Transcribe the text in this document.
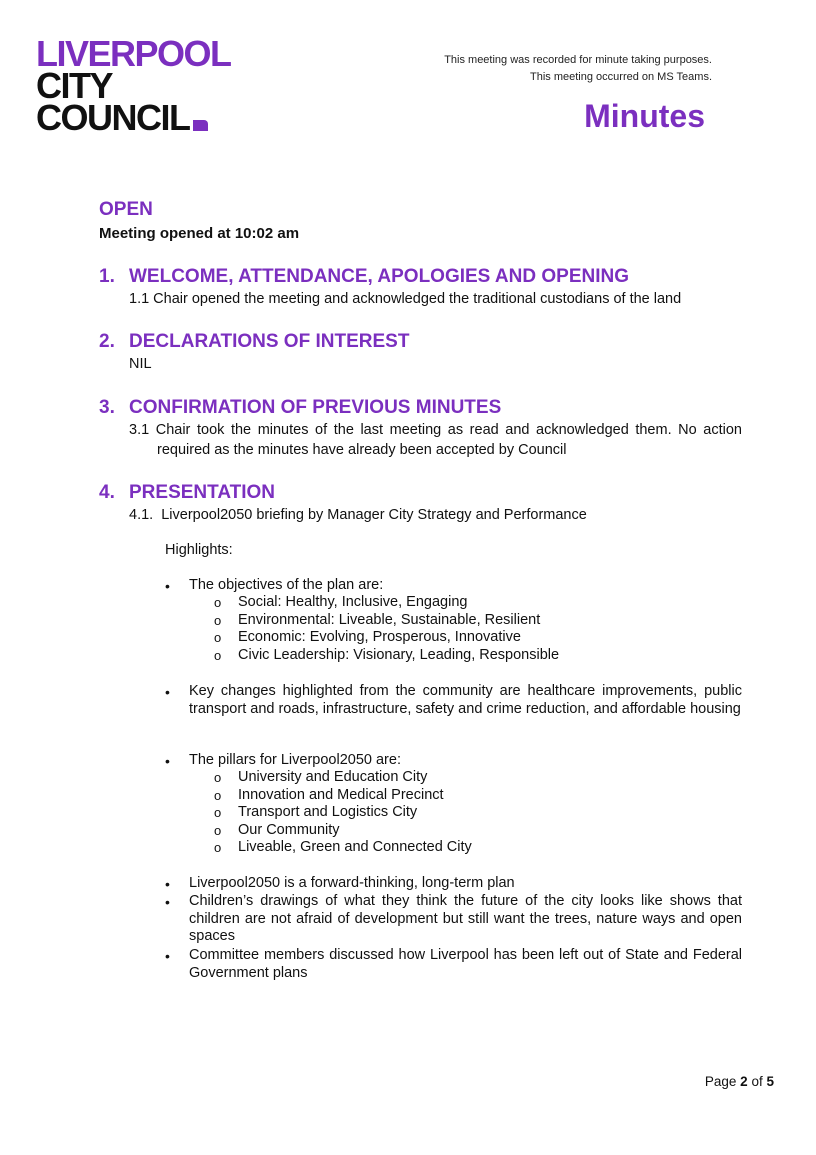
LIVERPOOL
CITY
COUNCIL
This meeting was recorded for minute taking purposes.
This meeting occurred on MS Teams.
Minutes
OPEN
Meeting opened at 10:02 am
1. WELCOME, ATTENDANCE, APOLOGIES AND OPENING
1.1 Chair opened the meeting and acknowledged the traditional custodians of the land
2. DECLARATIONS OF INTEREST
NIL
3. CONFIRMATION OF PREVIOUS MINUTES
3.1 Chair took the minutes of the last meeting as read and acknowledged them. No action
required as the minutes have already been accepted by Council
4. PRESENTATION
4.1.  Liverpool2050 briefing by Manager City Strategy and Performance
Highlights:
• The objectives of the plan are:
o Social: Healthy, Inclusive, Engaging
o Environmental: Liveable, Sustainable, Resilient
o Economic: Evolving, Prosperous, Innovative
o Civic Leadership: Visionary, Leading, Responsible
• Key changes highlighted from the community are healthcare improvements, public transport and roads, infrastructure, safety and crime reduction, and affordable housing
• The pillars for Liverpool2050 are:
o University and Education City
o Innovation and Medical Precinct
o Transport and Logistics City
o Our Community
o Liveable, Green and Connected City
• Liverpool2050 is a forward-thinking, long-term plan
• Children’s drawings of what they think the future of the city looks like shows that children are not afraid of development but still want the trees, nature ways and open spaces
• Committee members discussed how Liverpool has been left out of State and Federal Government plans
Page 2 of 5
